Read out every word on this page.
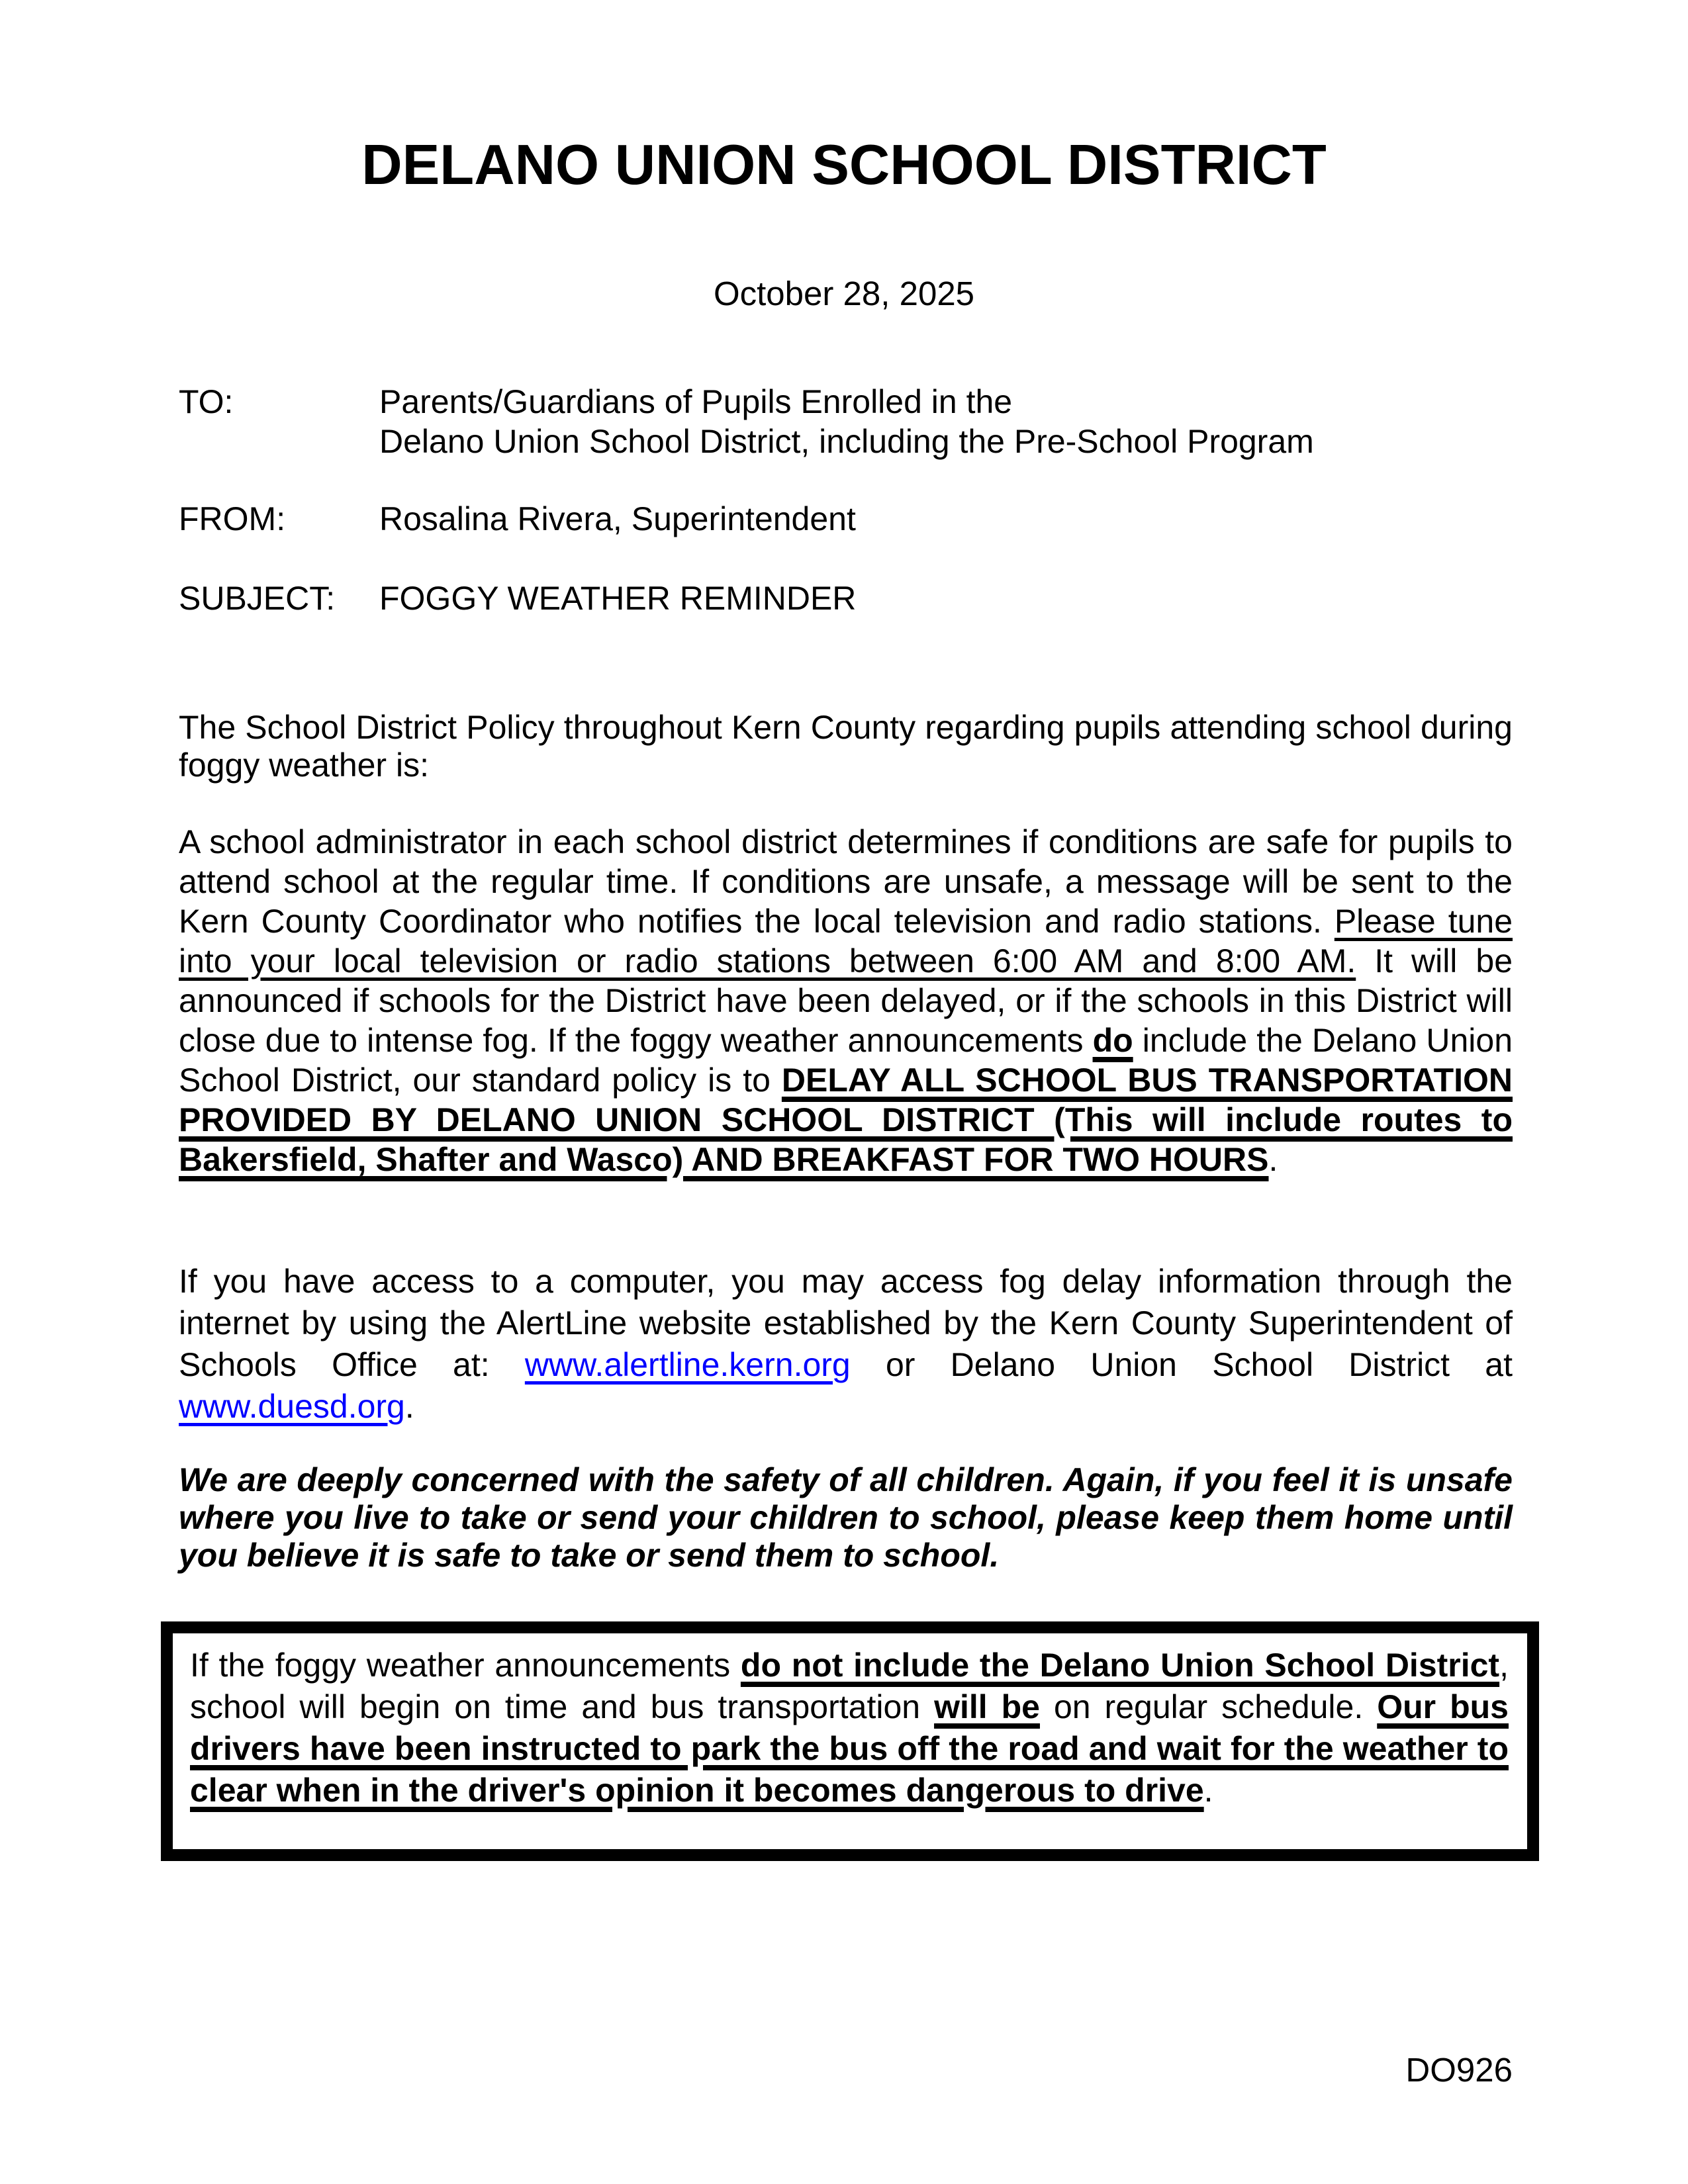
DELANO UNION SCHOOL DISTRICT
October 28, 2025
TO:	Parents/Guardians of Pupils Enrolled in the
Delano Union School District, including the Pre-School Program
FROM:	Rosalina Rivera, Superintendent
SUBJECT:	FOGGY WEATHER REMINDER
The School District Policy throughout Kern County regarding pupils attending school during foggy weather is:
A school administrator in each school district determines if conditions are safe for pupils to attend school at the regular time. If conditions are unsafe, a message will be sent to the Kern County Coordinator who notifies the local television and radio stations. Please tune into your local television or radio stations between 6:00 AM and 8:00 AM. It will be announced if schools for the District have been delayed, or if the schools in this District will close due to intense fog. If the foggy weather announcements do include the Delano Union School District, our standard policy is to DELAY ALL SCHOOL BUS TRANSPORTATION PROVIDED BY DELANO UNION SCHOOL DISTRICT (This will include routes to Bakersfield, Shafter and Wasco) AND BREAKFAST FOR TWO HOURS.
If you have access to a computer, you may access fog delay information through the internet by using the AlertLine website established by the Kern County Superintendent of Schools Office at: www.alertline.kern.org or Delano Union School District at www.duesd.org.
We are deeply concerned with the safety of all children. Again, if you feel it is unsafe where you live to take or send your children to school, please keep them home until you believe it is safe to take or send them to school.
If the foggy weather announcements do not include the Delano Union School District, school will begin on time and bus transportation will be on regular schedule. Our bus drivers have been instructed to park the bus off the road and wait for the weather to clear when in the driver's opinion it becomes dangerous to drive.
DO926
